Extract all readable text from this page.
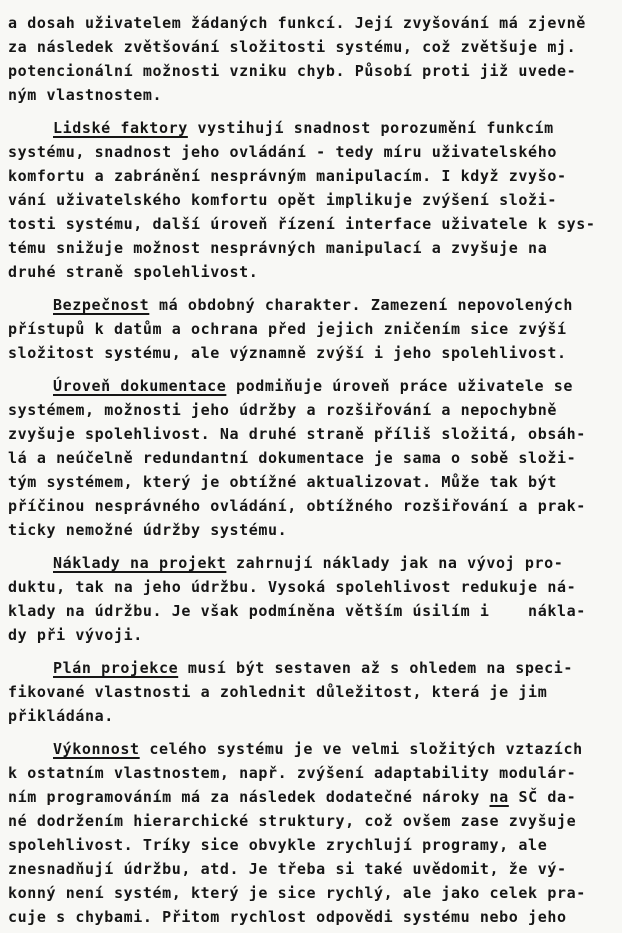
a dosah uživatelem žádaných funkcí. Její zvyšování má zjevně
za následek zvětšování složitosti systému, což zvětšuje mj.
potencionální možnosti vzniku chyb. Působí proti již uvede-
ným vlastnostem.
Lidské faktory vystihují snadnost porozumění funkcím
systému, snadnost jeho ovládání - tedy míru uživatelského
komfortu a zabránění nesprávným manipulacím. I když zvyšo-
vání uživatelského komfortu opět implikuje zvýšení složi-
tosti systému, další úroveň řízení interface uživatele k sys-
tému snižuje možnost nesprávných manipulací a zvyšuje na
druhé straně spolehlivost.
Bezpečnost má obdobný charakter. Zamezení nepovolených
přístupů k datům a ochrana před jejich zničením sice zvýší
složitost systému, ale významně zvýší i jeho spolehlivost.
Úroveň dokumentace podmiňuje úroveň práce uživatele se
systémem, možnosti jeho údržby a rozšiřování a nepochybně
zvyšuje spolehlivost. Na druhé straně příliš složitá, obsáh-
lá a neúčelně redundantní dokumentace je sama o sobě složi-
tým systémem, který je obtížné aktualizovat. Může tak být
příčinou nesprávného ovládání, obtížného rozšiřování a prak-
ticky nemožné údržby systému.
Náklady na projekt zahrnují náklady jak na vývoj pro-
duktu, tak na jeho údržbu. Vysoká spolehlivost redukuje ná-
klady na údržbu. Je však podmíněna větším úsilím i    nákla-
dy při vývoji.
Plán projekce musí být sestaven až s ohledem na speci-
fikované vlastnosti a zohlednit důležitost, která je jim
přikládána.
Výkonnost celého systému je ve velmi složitých vztazích
k ostatním vlastnostem, např. zvýšení adaptability modulár-
ním programováním má za následek dodatečné nároky na SČ da-
né dodržením hierarchické struktury, což ovšem zase zvyšuje
spolehlivost. Tríky sice obvykle zrychlují programy, ale
znesnadňují údržbu, atd. Je třeba si také uvědomit, že vý-
konný není systém, který je sice rychlý, ale jako celek pra-
cuje s chybami. Přitom rychlost odpovědi systému nebo jeho
